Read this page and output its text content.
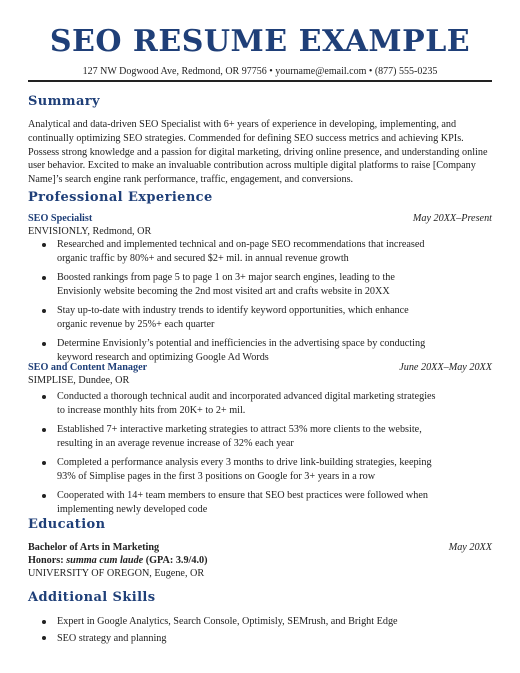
SEO RESUME EXAMPLE
127 NW Dogwood Ave, Redmond, OR 97756 • yourname@email.com • (877) 555-0235
Summary

Analytical and data-driven SEO Specialist with 6+ years of experience in developing, implementing, and continually optimizing SEO strategies. Commended for defining SEO success metrics and achieving KPIs. Possess strong knowledge and a passion for digital marketing, driving online presence, and understanding online user behavior. Excited to make an invaluable contribution across multiple digital platforms to raise [Company Name]’s search engine rank performance, traffic, engagement, and conversions.

Professional Experience
SEO Specialist	May 20XX–Present
ENVISIONLY, Redmond, OR
Researched and implemented technical and on-page SEO recommendations that increased organic traffic by 80%+ and secured $2+ mil. in annual revenue growth
Boosted rankings from page 5 to page 1 on 3+ major search engines, leading to the Envisionly website becoming the 2nd most visited art and crafts website in 20XX
Stay up-to-date with industry trends to identify keyword opportunities, which enhance organic revenue by 25%+ each quarter
Determine Envisionly’s potential and inefficiencies in the advertising space by conducting keyword research and optimizing Google Ad Words
SEO and Content Manager	June 20XX–May 20XX
SIMPLISE, Dundee, OR
Conducted a thorough technical audit and incorporated advanced digital marketing strategies to increase monthly hits from 20K+ to 2+ mil.
Established 7+ interactive marketing strategies to attract 53% more clients to the website, resulting in an average revenue increase of 32% each year
Completed a performance analysis every 3 months to drive link-building strategies, keeping 93% of Simplise pages in the first 3 positions on Google for 3+ years in a row
Cooperated with 14+ team members to ensure that SEO best practices were followed when implementing newly developed code
Education
Bachelor of Arts in Marketing	May 20XX
Honors: summa cum laude (GPA: 3.9/4.0)
UNIVERSITY OF OREGON, Eugene, OR
Additional Skills
Expert in Google Analytics, Search Console, Optimisly, SEMrush, and Bright Edge
SEO strategy and planning
